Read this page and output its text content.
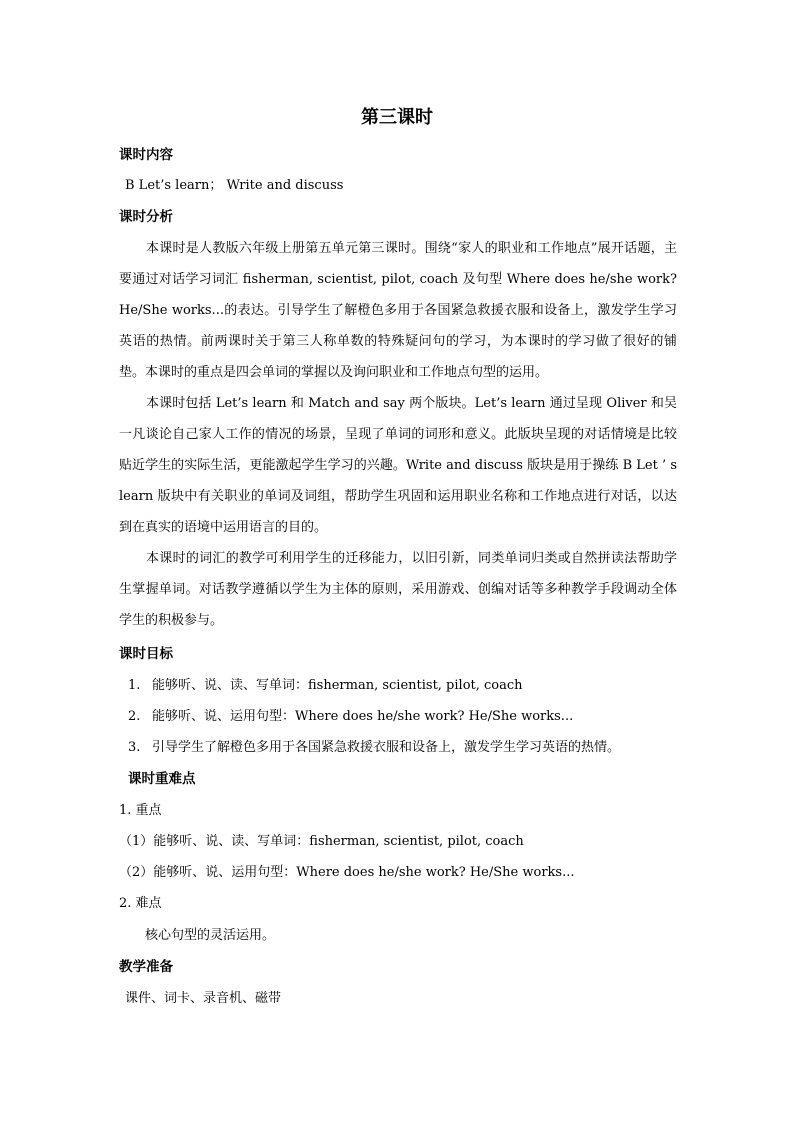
第三课时
课时内容
B Let’s learn； Write and discuss
课时分析
本课时是人教版六年级上册第五单元第三课时。围绕“家人的职业和工作地点”展开话题，主要通过对话学习词汇 fisherman, scientist, pilot, coach 及句型 Where does he/she work? He/She works...的表达。引导学生了解橙色多用于各国紧急救援衣服和设备上，激发学生学习英语的热情。前两课时关于第三人称单数的特殊疑问句的学习，为本课时的学习做了很好的铺垫。本课时的重点是四会单词的掌握以及询问职业和工作地点句型的运用。
本课时包括 Let’s learn 和 Match and say 两个版块。Let’s learn 通过呈现 Oliver 和吴一凡谈论自己家人工作的情况的场景，呈现了单词的词形和意义。此版块呈现的对话情境是比较贴近学生的实际生活，更能激起学生学习的兴趣。Write and discuss 版块是用于操练 B Let ’ s learn 版块中有关职业的单词及词组，帮助学生巩固和运用职业名称和工作地点进行对话，以达到在真实的语境中运用语言的目的。
本课时的词汇的教学可利用学生的迁移能力，以旧引新，同类单词归类或自然拼读法帮助学生掌握单词。对话教学遵循以学生为主体的原则，采用游戏、创编对话等多种教学手段调动全体学生的积极参与。
课时目标
1. 能够听、说、读、写单词：fisherman, scientist, pilot, coach
2. 能够听、说、运用句型：Where does he/she work? He/She works...
3. 引导学生了解橙色多用于各国紧急救援衣服和设备上，激发学生学习英语的热情。
课时重难点
1. 重点
（1）能够听、说、读、写单词：fisherman, scientist, pilot, coach
（2）能够听、说、运用句型：Where does he/she work? He/She works...
2. 难点
核心句型的灵活运用。
教学准备
课件、词卡、录音机、磁带
